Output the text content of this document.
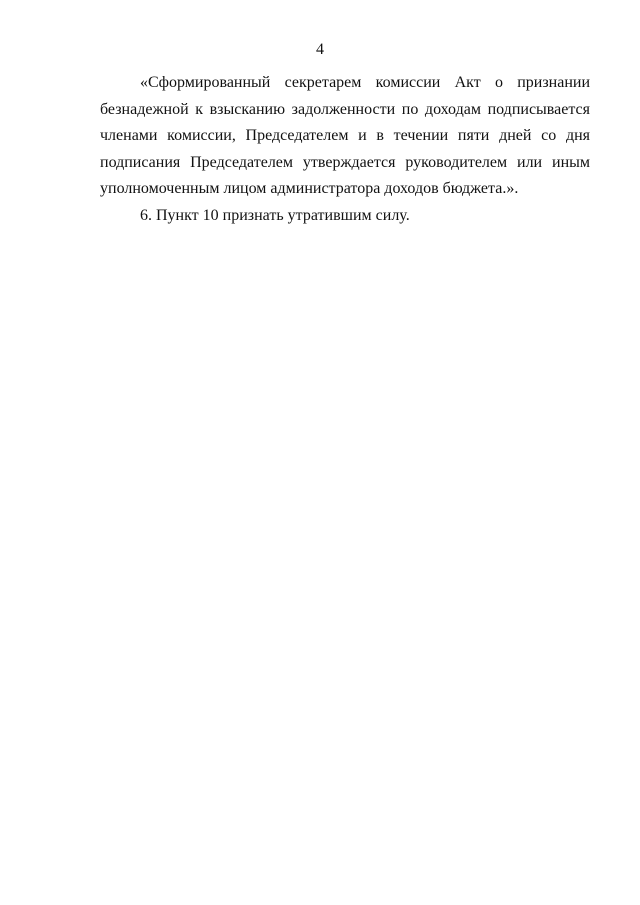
4

«Сформированный секретарем комиссии Акт о признании безнадежной к взысканию задолженности по доходам подписывается членами комиссии, Председателем и в течении пяти дней со дня подписания Председателем утверждается руководителем или иным уполномоченным лицом администратора доходов бюджета.».

6. Пункт 10 признать утратившим силу.
